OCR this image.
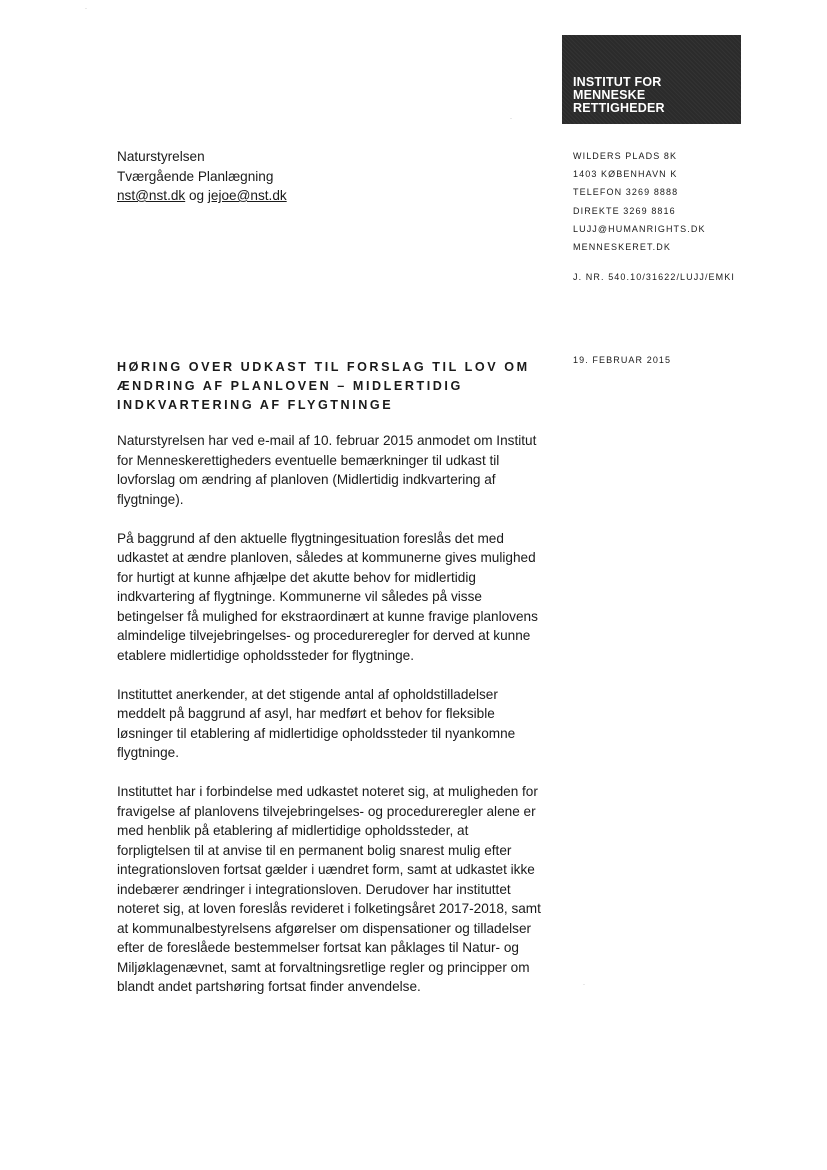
INSTITUT FOR
MENNESKE
RETTIGHEDER
Naturstyrelsen
Tværgående Planlægning
nst@nst.dk og jejoe@nst.dk
WILDERS PLADS 8K
1403 KØBENHAVN K
TELEFON 3269 8888
DIREKTE 3269 8816
LUJJ@HUMANRIGHTS.DK
MENNESKERET.DK
J. NR. 540.10/31622/LUJJ/EMKI
HØRING OVER UDKAST TIL FORSLAG TIL LOV OM
ÆNDRING AF PLANLOVEN – MIDLERTIDIG
INDKVARTERING AF FLYGTNINGE
19. FEBRUAR 2015
Naturstyrelsen har ved e-mail af 10. februar 2015 anmodet om Institut
for Menneskerettigheders eventuelle bemærkninger til udkast til
lovforslag om ændring af planloven (Midlertidig indkvartering af
flygtninge).
På baggrund af den aktuelle flygtningesituation foreslås det med
udkastet at ændre planloven, således at kommunerne gives mulighed
for hurtigt at kunne afhjælpe det akutte behov for midlertidig
indkvartering af flygtninge. Kommunerne vil således på visse
betingelser få mulighed for ekstraordinært at kunne fravige planlovens
almindelige tilvejebringelses- og procedureregler for derved at kunne
etablere midlertidige opholdssteder for flygtninge.
Instituttet anerkender, at det stigende antal af opholdstilladelser
meddelt på baggrund af asyl, har medført et behov for fleksible
løsninger til etablering af midlertidige opholdssteder til nyankomne
flygtninge.
Instituttet har i forbindelse med udkastet noteret sig, at muligheden for
fravigelse af planlovens tilvejebringelses- og procedureregler alene er
med henblik på etablering af midlertidige opholdssteder, at
forpligtelsen til at anvise til en permanent bolig snarest mulig efter
integrationsloven fortsat gælder i uændret form, samt at udkastet ikke
indebærer ændringer i integrationsloven. Derudover har instituttet
noteret sig, at loven foreslås revideret i folketingsåret 2017-2018, samt
at kommunalbestyrelsens afgørelser om dispensationer og tilladelser
efter de foreslåede bestemmelser fortsat kan påklages til Natur- og
Miljøklagenævnet, samt at forvaltningsretlige regler og principper om
blandt andet partshøring fortsat finder anvendelse.
·
·
·
